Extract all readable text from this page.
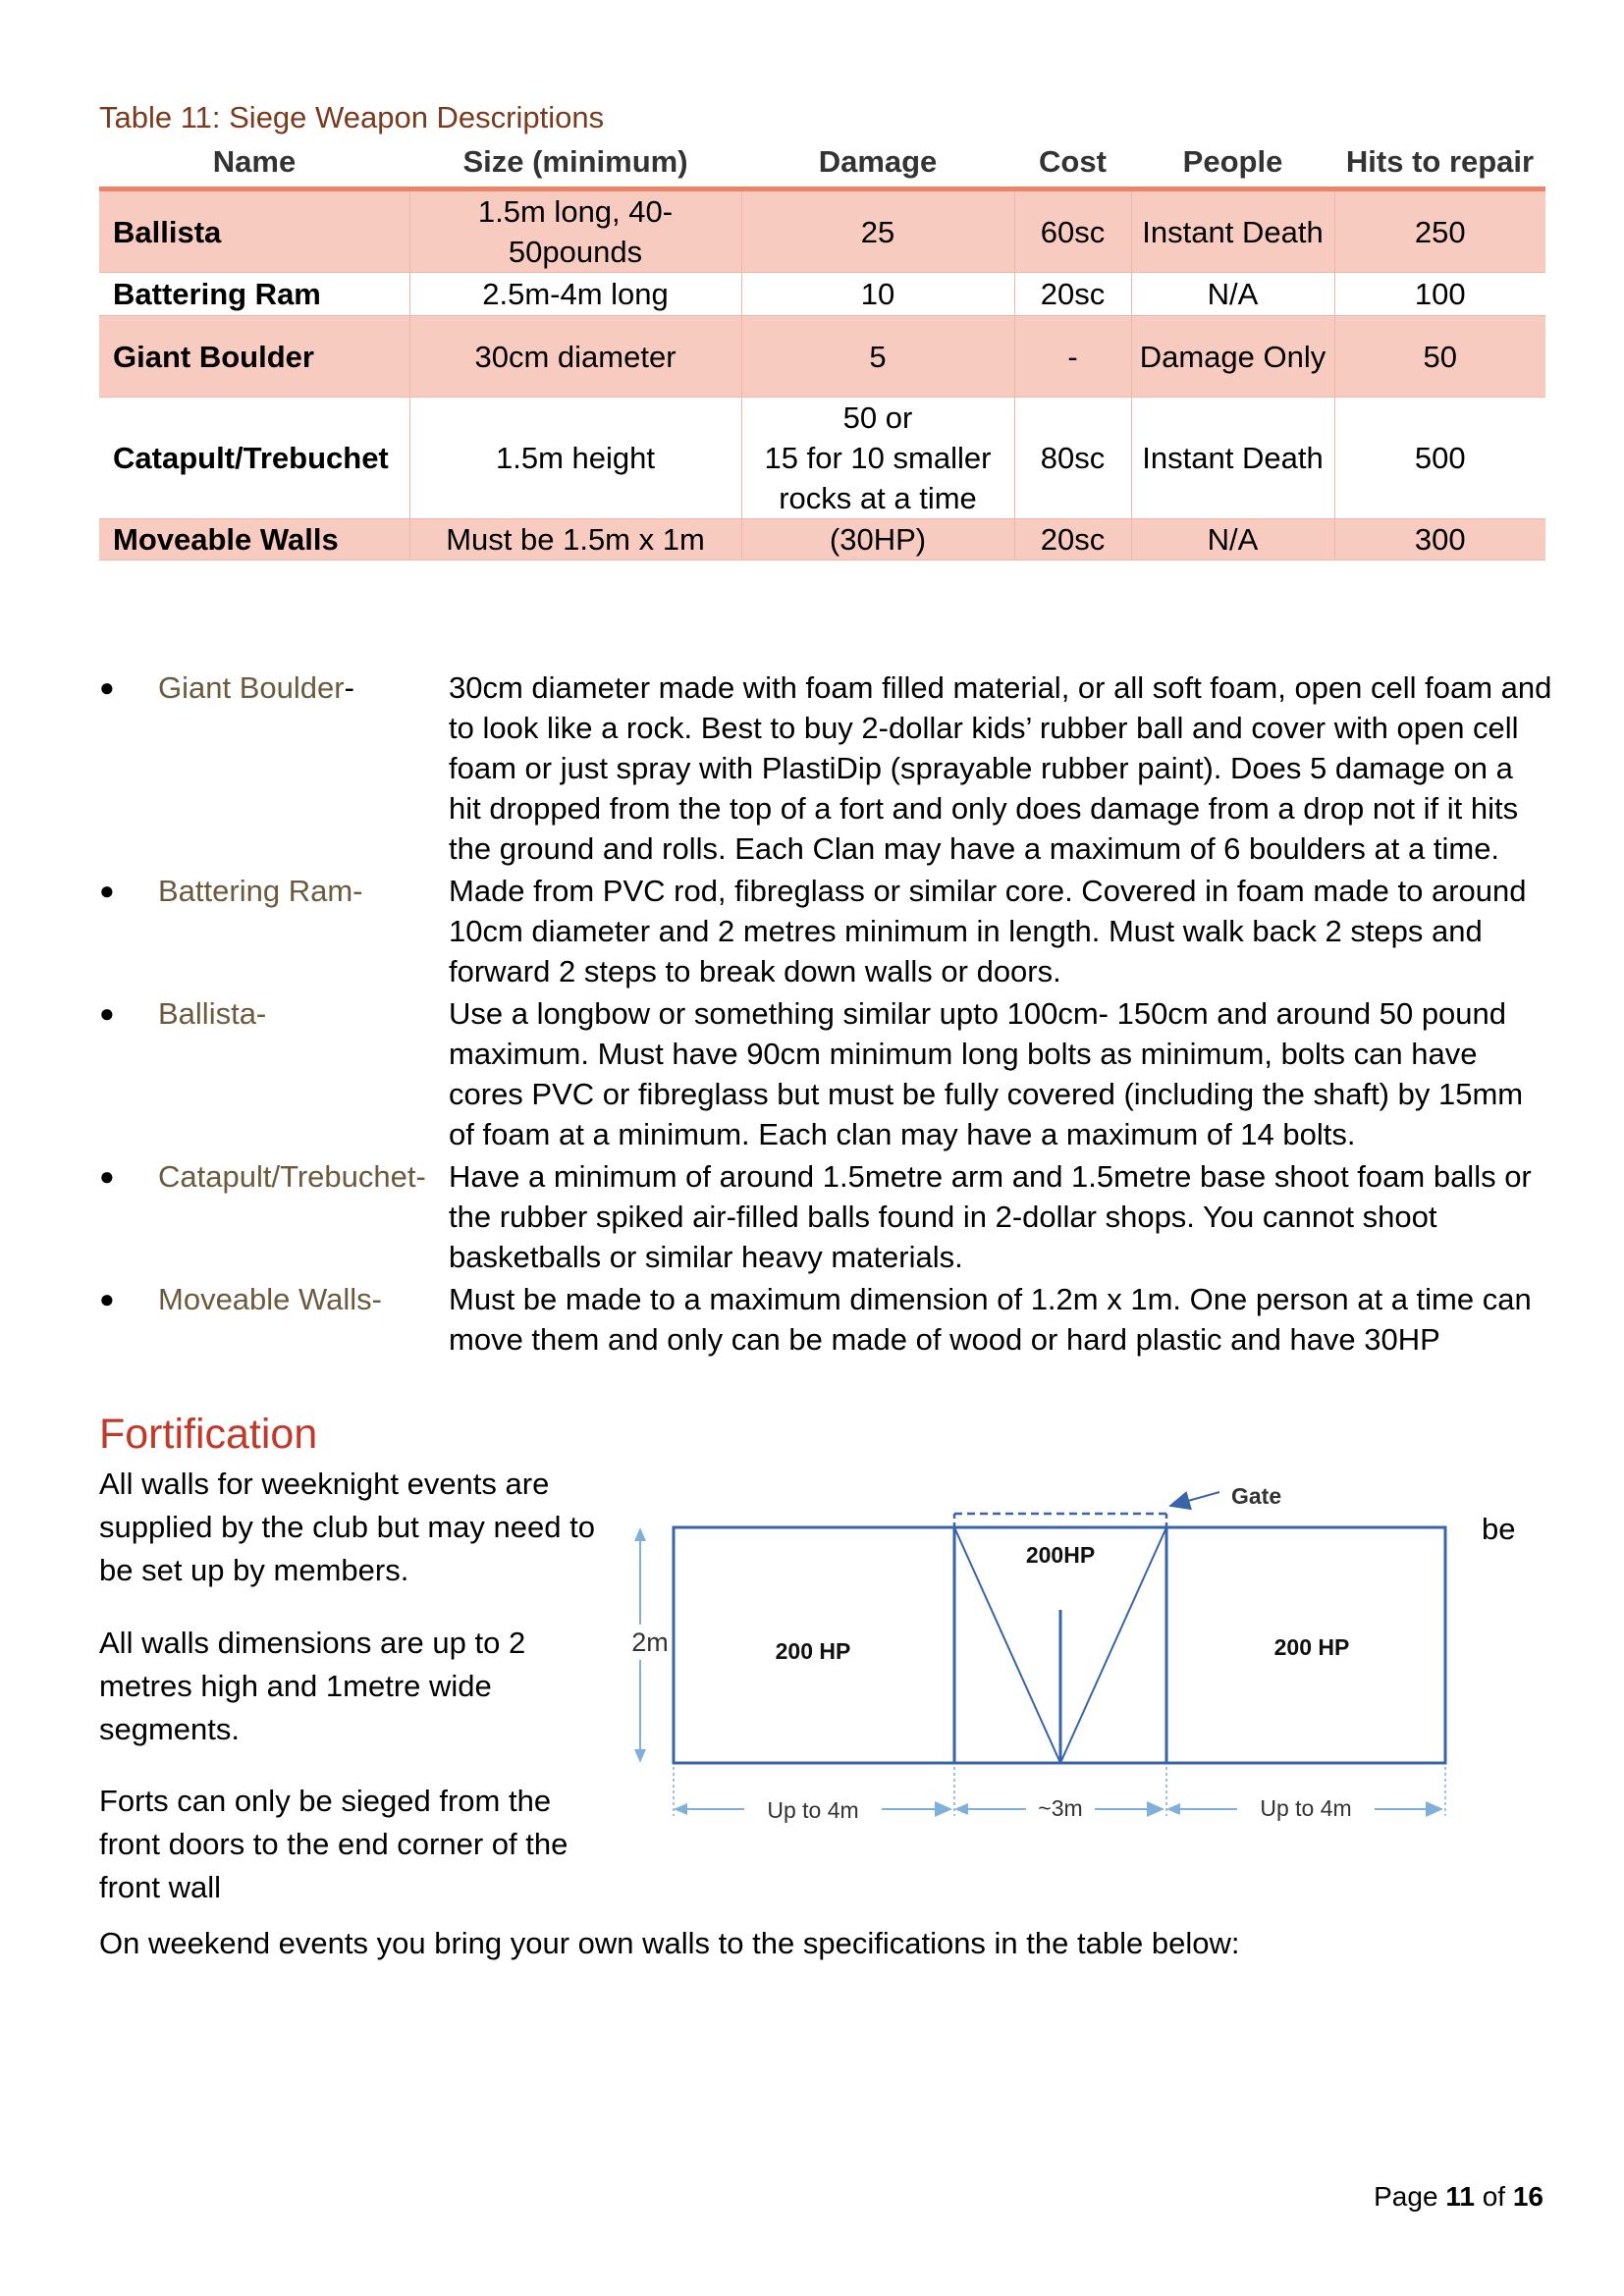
Table 11: Siege Weapon Descriptions
Name	Size (minimum)	Damage	Cost	People	Hits to repair
Ballista	1.5m long, 40-50pounds	25	60sc	Instant Death	250
Battering Ram	2.5m-4m long	10	20sc	N/A	100
Giant Boulder	30cm diameter	5	-	Damage Only	50
Catapult/Trebuchet	1.5m height	50 or
15 for 10 smaller
rocks at a time	80sc	Instant Death	500
Moveable Walls	Must be 1.5m x 1m	(30HP)	20sc	N/A	300
●	Giant Boulder-	30cm diameter made with foam filled material, or all soft foam, open cell foam and to look like a rock. Best to buy 2-dollar kids’ rubber ball and cover with open cell foam or just spray with PlastiDip (sprayable rubber paint). Does 5 damage on a hit dropped from the top of a fort and only does damage from a drop not if it hits the ground and rolls. Each Clan may have a maximum of 6 boulders at a time.
●	Battering Ram-	Made from PVC rod, fibreglass or similar core. Covered in foam made to around 10cm diameter and 2 metres minimum in length. Must walk back 2 steps and forward 2 steps to break down walls or doors.
●	Ballista-	Use a longbow or something similar upto 100cm- 150cm and around 50 pound maximum. Must have 90cm minimum long bolts as minimum, bolts can have cores PVC or fibreglass but must be fully covered (including the shaft) by 15mm of foam at a minimum. Each clan may have a maximum of 14 bolts.
●	Catapult/Trebuchet- Have a minimum of around 1.5metre arm and 1.5metre base shoot foam balls or the rubber spiked air-filled balls found in 2-dollar shops. You cannot shoot basketballs or similar heavy materials.
●	Moveable Walls-	Must be made to a maximum dimension of 1.2m x 1m. One person at a time can move them and only can be made of wood or hard plastic and have 30HP
Fortification
All walls for weeknight events are supplied by the club but may need to be set up by members.
All walls dimensions are up to 2 metres high and 1metre wide segments.
Forts can only be sieged from the front doors to the end corner of the front wall
be
Gate
200HP
200 HP	200 HP
2m
Up to 4m	~3m	Up to 4m
On weekend events you bring your own walls to the specifications in the table below:
Page 11 of 16
